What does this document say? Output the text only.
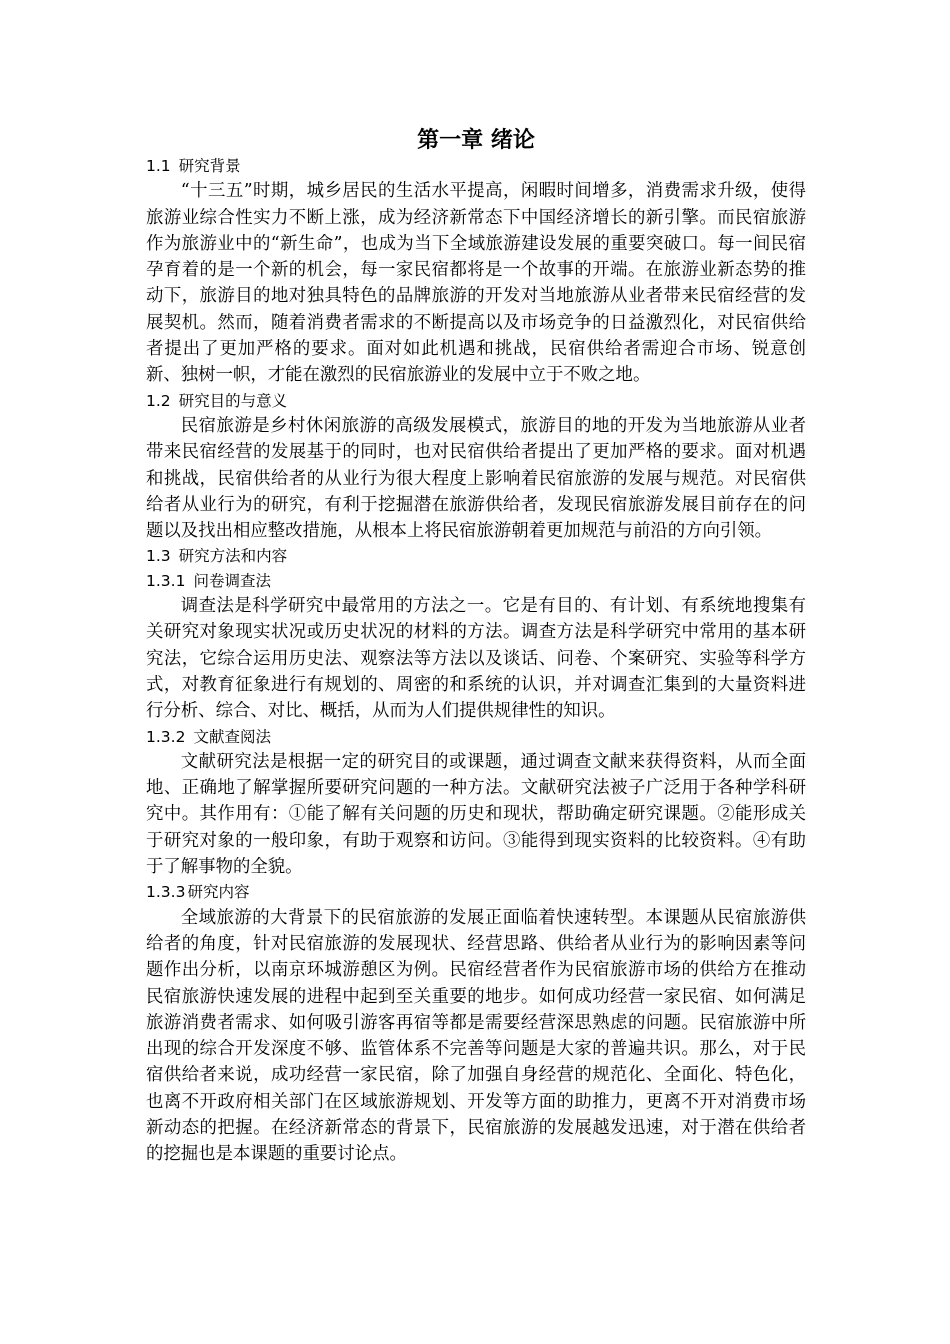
第一章 绪论
1.1 研究背景

“十三五”时期，城乡居民的生活水平提高，闲暇时间增多，消费需求升级，使得旅游业综合性实力不断上涨，成为经济新常态下中国经济增长的新引擎。而民宿旅游作为旅游业中的“新生命”，也成为当下全域旅游建设发展的重要突破口。每一间民宿孕育着的是一个新的机会，每一家民宿都将是一个故事的开端。在旅游业新态势的推动下，旅游目的地对独具特色的品牌旅游的开发对当地旅游从业者带来民宿经营的发展契机。然而，随着消费者需求的不断提高以及市场竞争的日益激烈化，对民宿供给者提出了更加严格的要求。面对如此机遇和挑战，民宿供给者需迎合市场、锐意创新、独树一帜，才能在激烈的民宿旅游业的发展中立于不败之地。

1.2 研究目的与意义

民宿旅游是乡村休闲旅游的高级发展模式，旅游目的地的开发为当地旅游从业者带来民宿经营的发展基于的同时，也对民宿供给者提出了更加严格的要求。面对机遇和挑战，民宿供给者的从业行为很大程度上影响着民宿旅游的发展与规范。对民宿供给者从业行为的研究，有利于挖掘潜在旅游供给者，发现民宿旅游发展目前存在的问题以及找出相应整改措施，从根本上将民宿旅游朝着更加规范与前沿的方向引领。

1.3 研究方法和内容
1.3.1 问卷调查法

调查法是科学研究中最常用的方法之一。它是有目的、有计划、有系统地搜集有关研究对象现实状况或历史状况的材料的方法。调查方法是科学研究中常用的基本研究法，它综合运用历史法、观察法等方法以及谈话、问卷、个案研究、实验等科学方式，对教育征象进行有规划的、周密的和系统的认识，并对调查汇集到的大量资料进行分析、综合、对比、概括，从而为人们提供规律性的知识。

1.3.2 文献查阅法

文献研究法是根据一定的研究目的或课题，通过调查文献来获得资料，从而全面地、正确地了解掌握所要研究问题的一种方法。文献研究法被子广泛用于各种学科研究中。其作用有：①能了解有关问题的历史和现状，帮助确定研究课题。②能形成关于研究对象的一般印象，有助于观察和访问。③能得到现实资料的比较资料。④有助于了解事物的全貌。

1.3.3 研究内容

全域旅游的大背景下的民宿旅游的发展正面临着快速转型。本课题从民宿旅游供给者的角度，针对民宿旅游的发展现状、经营思路、供给者从业行为的影响因素等问题作出分析，以南京环城游憩区为例。民宿经营者作为民宿旅游市场的供给方在推动民宿旅游快速发展的进程中起到至关重要的地步。如何成功经营一家民宿、如何满足旅游消费者需求、如何吸引游客再宿等都是需要经营深思熟虑的问题。民宿旅游中所出现的综合开发深度不够、监管体系不完善等问题是大家的普遍共识。那么，对于民宿供给者来说，成功经营一家民宿，除了加强自身经营的规范化、全面化、特色化，也离不开政府相关部门在区域旅游规划、开发等方面的助推力，更离不开对消费市场新动态的把握。在经济新常态的背景下，民宿旅游的发展越发迅速，对于潜在供给者的挖掘也是本课题的重要讨论点。
